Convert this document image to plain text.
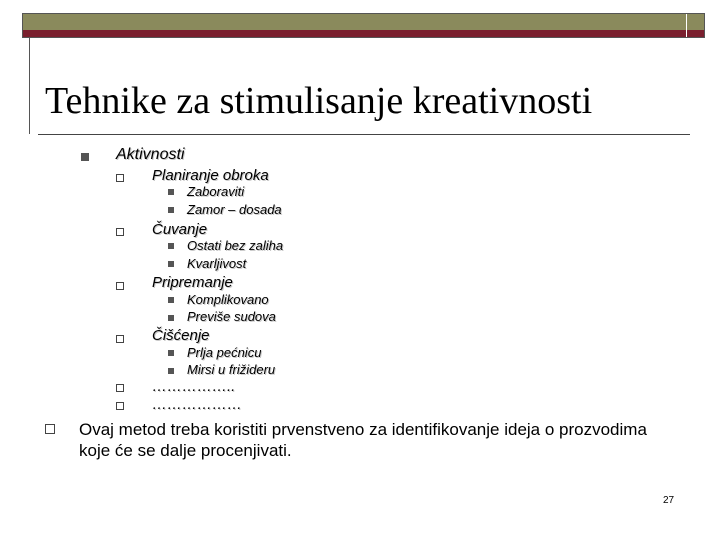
Tehnike za stimulisanje kreativnosti
Aktivnosti
Planiranje obroka
Zaboraviti
Zamor – dosada
Čuvanje
Ostati bez zaliha
Kvarljivost
Pripremanje
Komplikovano
Previše sudova
Čišćenje
Prlja pećnicu
Mirsi u frižideru
……………..
………………

Ovaj metod treba koristiti prvenstveno za identifikovanje ideja o prozvodima koje će se dalje procenjivati.

27
